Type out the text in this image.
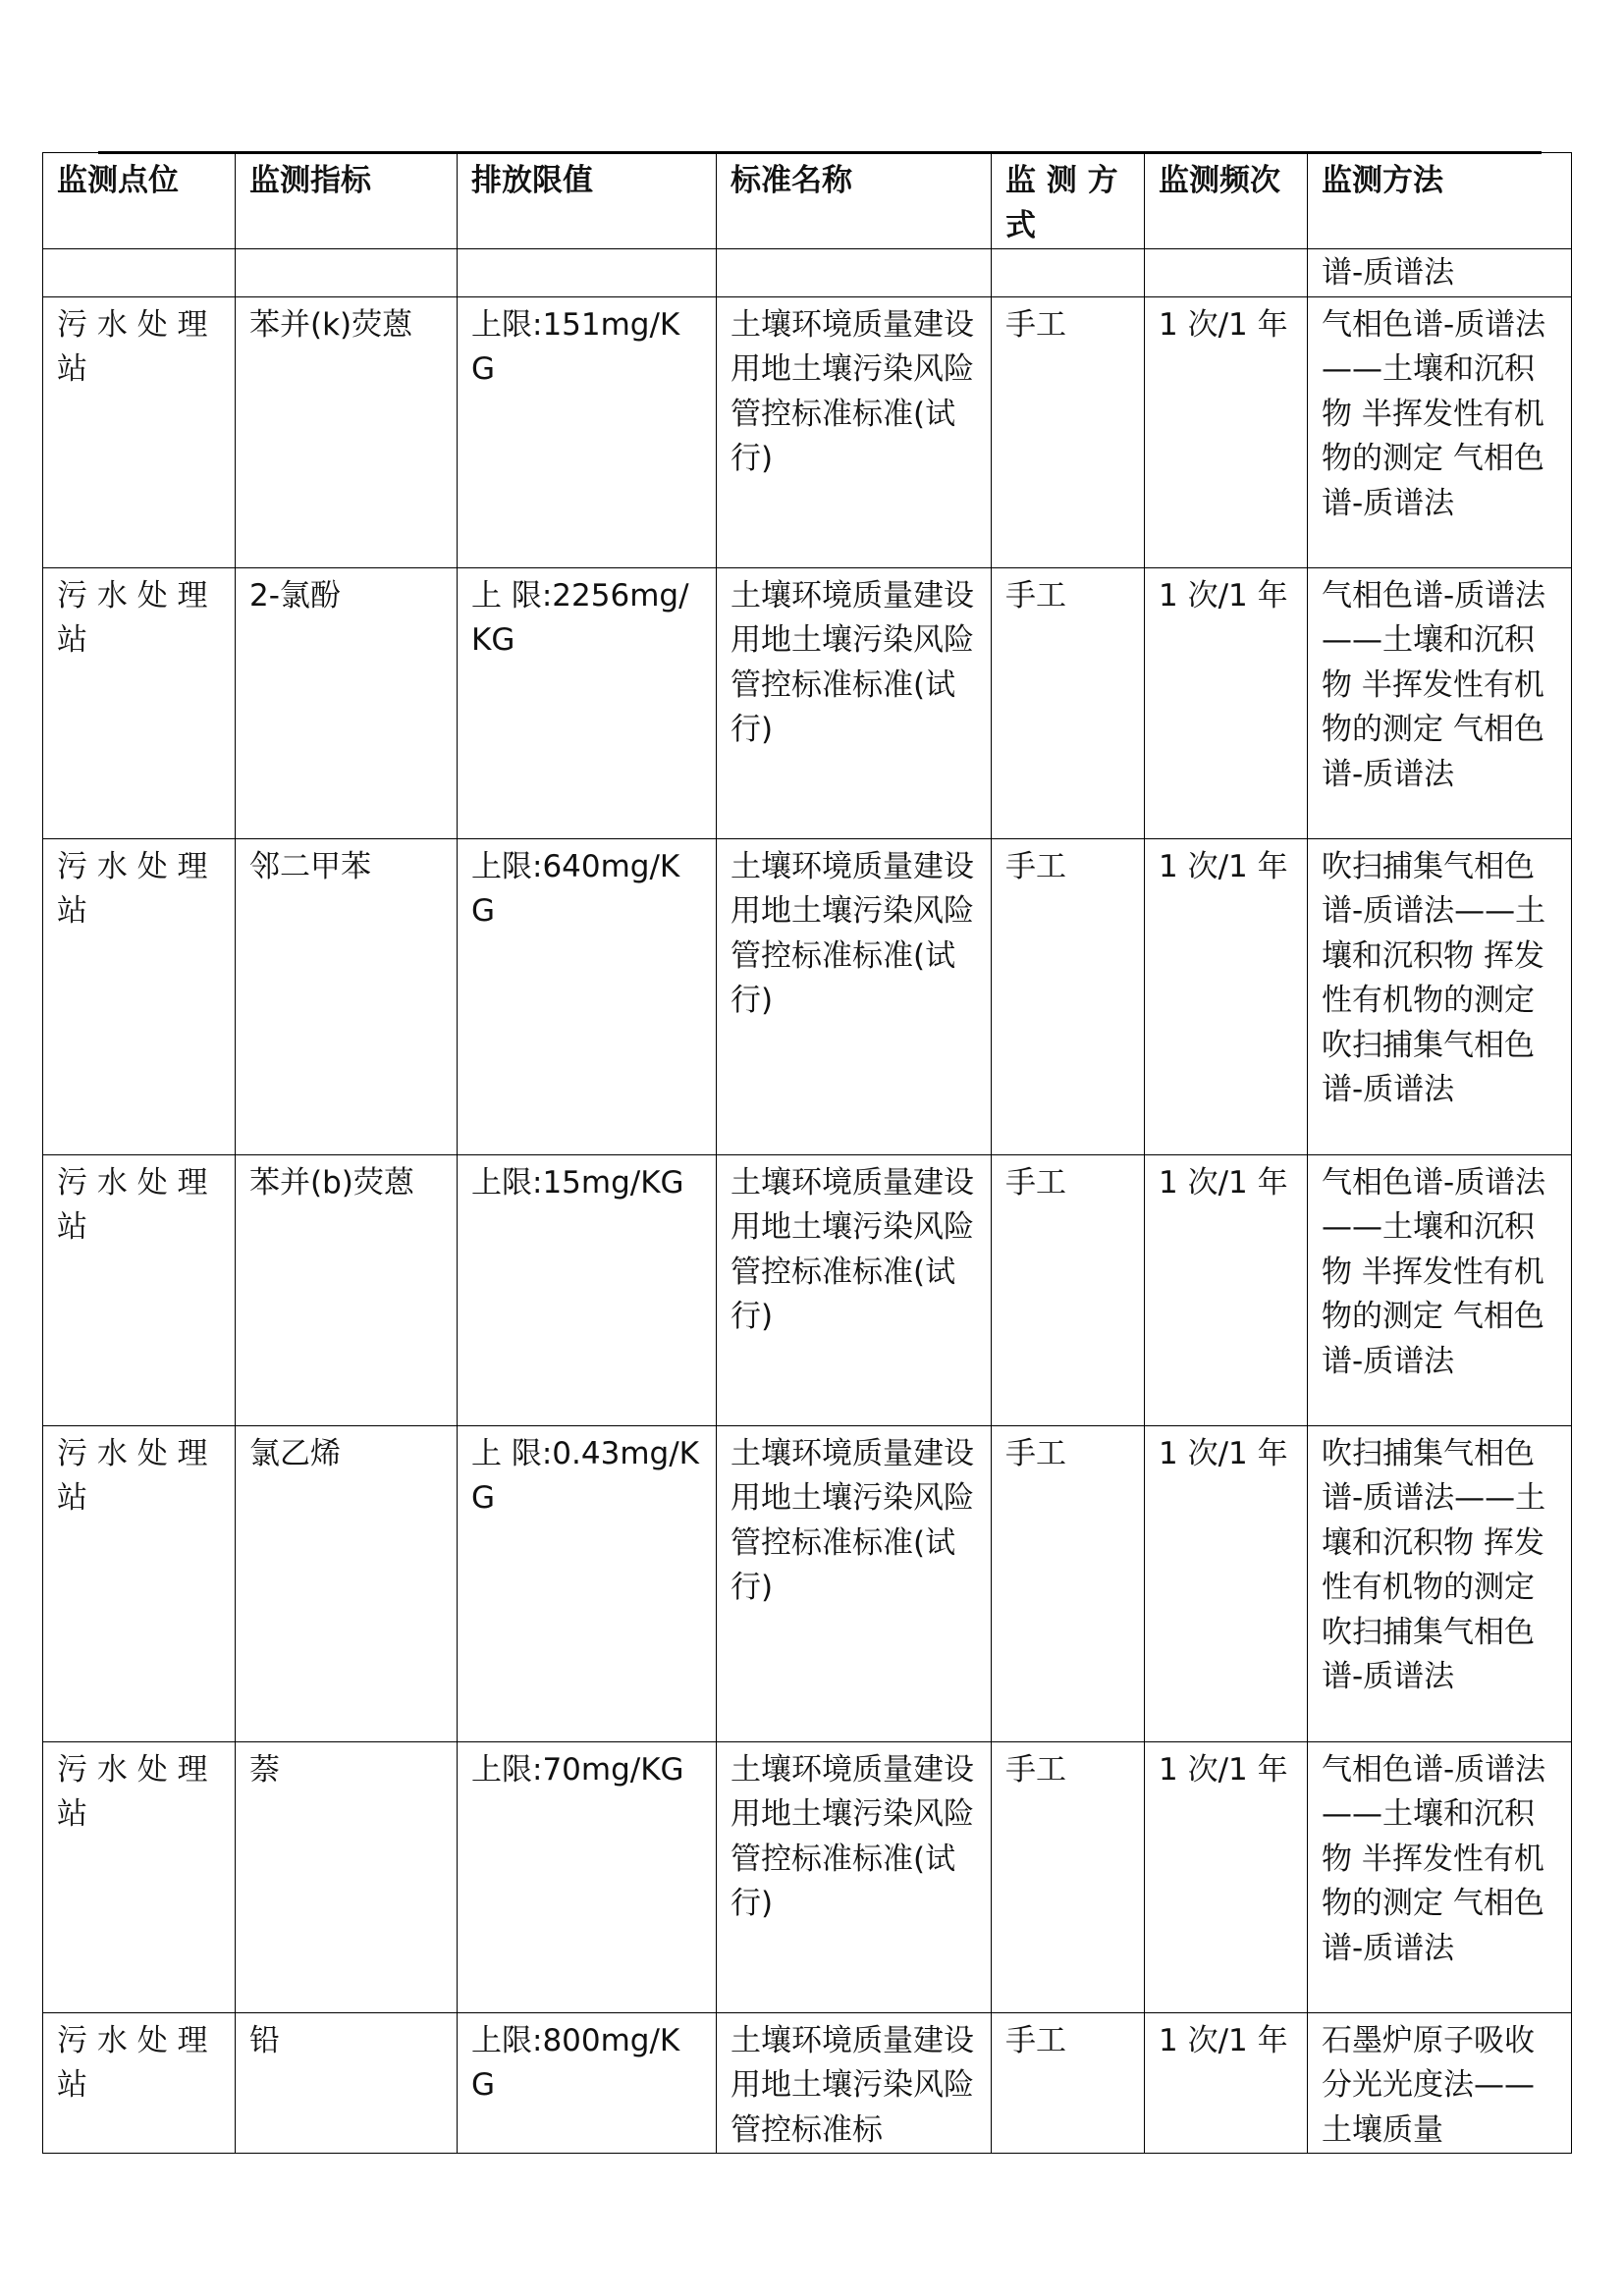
监测点位	监测指标	排放限值	标准名称	监 测 方 式	监测频次	监测方法
						谱-质谱法
污 水 处 理 站	苯并(k)荧蒽	上限:151mg/KG	土壤环境质量建设用地土壤污染风险管控标准标准(试行)	手工	1 次/1 年	气相色谱-质谱法——土壤和沉积物 半挥发性有机物的测定 气相色谱-质谱法
污 水 处 理 站	2-氯酚	上 限:2256mg/KG	土壤环境质量建设用地土壤污染风险管控标准标准(试行)	手工	1 次/1 年	气相色谱-质谱法——土壤和沉积物 半挥发性有机物的测定 气相色谱-质谱法
污 水 处 理 站	邻二甲苯	上限:640mg/KG	土壤环境质量建设用地土壤污染风险管控标准标准(试行)	手工	1 次/1 年	吹扫捕集气相色谱-质谱法——土壤和沉积物 挥发性有机物的测定 吹扫捕集气相色谱-质谱法
污 水 处 理 站	苯并(b)荧蒽	上限:15mg/KG	土壤环境质量建设用地土壤污染风险管控标准标准(试行)	手工	1 次/1 年	气相色谱-质谱法——土壤和沉积物 半挥发性有机物的测定 气相色谱-质谱法
污 水 处 理 站	氯乙烯	上 限:0.43mg/KG	土壤环境质量建设用地土壤污染风险管控标准标准(试行)	手工	1 次/1 年	吹扫捕集气相色谱-质谱法——土壤和沉积物 挥发性有机物的测定 吹扫捕集气相色谱-质谱法
污 水 处 理 站	萘	上限:70mg/KG	土壤环境质量建设用地土壤污染风险管控标准标准(试行)	手工	1 次/1 年	气相色谱-质谱法——土壤和沉积物 半挥发性有机物的测定 气相色谱-质谱法
污 水 处 理 站	铅	上限:800mg/KG	土壤环境质量建设用地土壤污染风险管控标准标	手工	1 次/1 年	石墨炉原子吸收分光光度法——土壤质量
